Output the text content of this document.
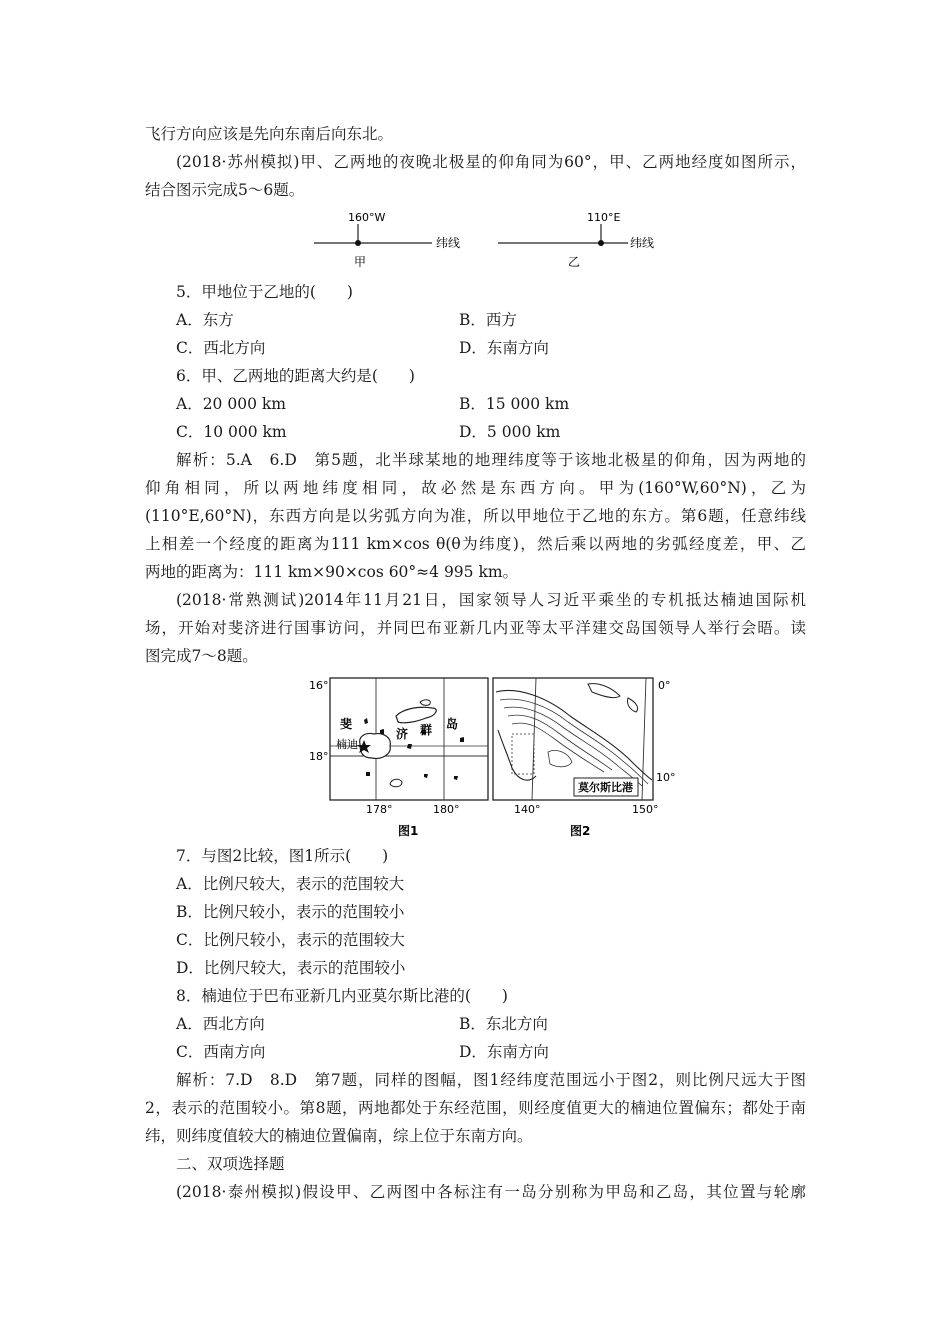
飞行方向应该是先向东南后向东北。
(2018·苏州模拟)甲、乙两地的夜晚北极星的仰角同为60°，甲、乙两地经度如图所示，
结合图示完成5～6题。
160°W
纬线
甲
110°E
纬线
乙
5．甲地位于乙地的(　　)
A．东方	B．西方
C．西北方向	D．东南方向
6．甲、乙两地的距离大约是(　　)
A．20 000 km	B．15 000 km
C．10 000 km	D．5 000 km
解析：5.A　6.D　第5题，北半球某地的地理纬度等于该地北极星的仰角，因为两地的
仰角相同，所以两地纬度相同，故必然是东西方向。甲为(160°W,60°N)，乙为
(110°E,60°N)，东西方向是以劣弧方向为准，所以甲地位于乙地的东方。第6题，任意纬线
上相差一个经度的距离为111 km×cos θ(θ为纬度)，然后乘以两地的劣弧经度差，甲、乙
两地的距离为：111 km×90×cos 60°≈4 995 km。
(2018·常熟测试)2014年11月21日，国家领导人习近平乘坐的专机抵达楠迪国际机
场，开始对斐济进行国事访问，并同巴布亚新几内亚等太平洋建交岛国领导人举行会晤。读
图完成7～8题。
16°
18°
178°	180°
斐
济 群 岛
楠迪
图1
0°
10°
莫尔斯比港
140°	150°
图2
7．与图2比较，图1所示(　　)
A．比例尺较大，表示的范围较大
B．比例尺较小，表示的范围较小
C．比例尺较小，表示的范围较大
D．比例尺较大，表示的范围较小
8．楠迪位于巴布亚新几内亚莫尔斯比港的(　　)
A．西北方向	B．东北方向
C．西南方向	D．东南方向
解析：7.D　8.D　第7题，同样的图幅，图1经纬度范围远小于图2，则比例尺远大于图
2，表示的范围较小。第8题，两地都处于东经范围，则经度值更大的楠迪位置偏东；都处于南
纬，则纬度值较大的楠迪位置偏南，综上位于东南方向。
二、双项选择题
(2018·泰州模拟)假设甲、乙两图中各标注有一岛分别称为甲岛和乙岛，其位置与轮廓
